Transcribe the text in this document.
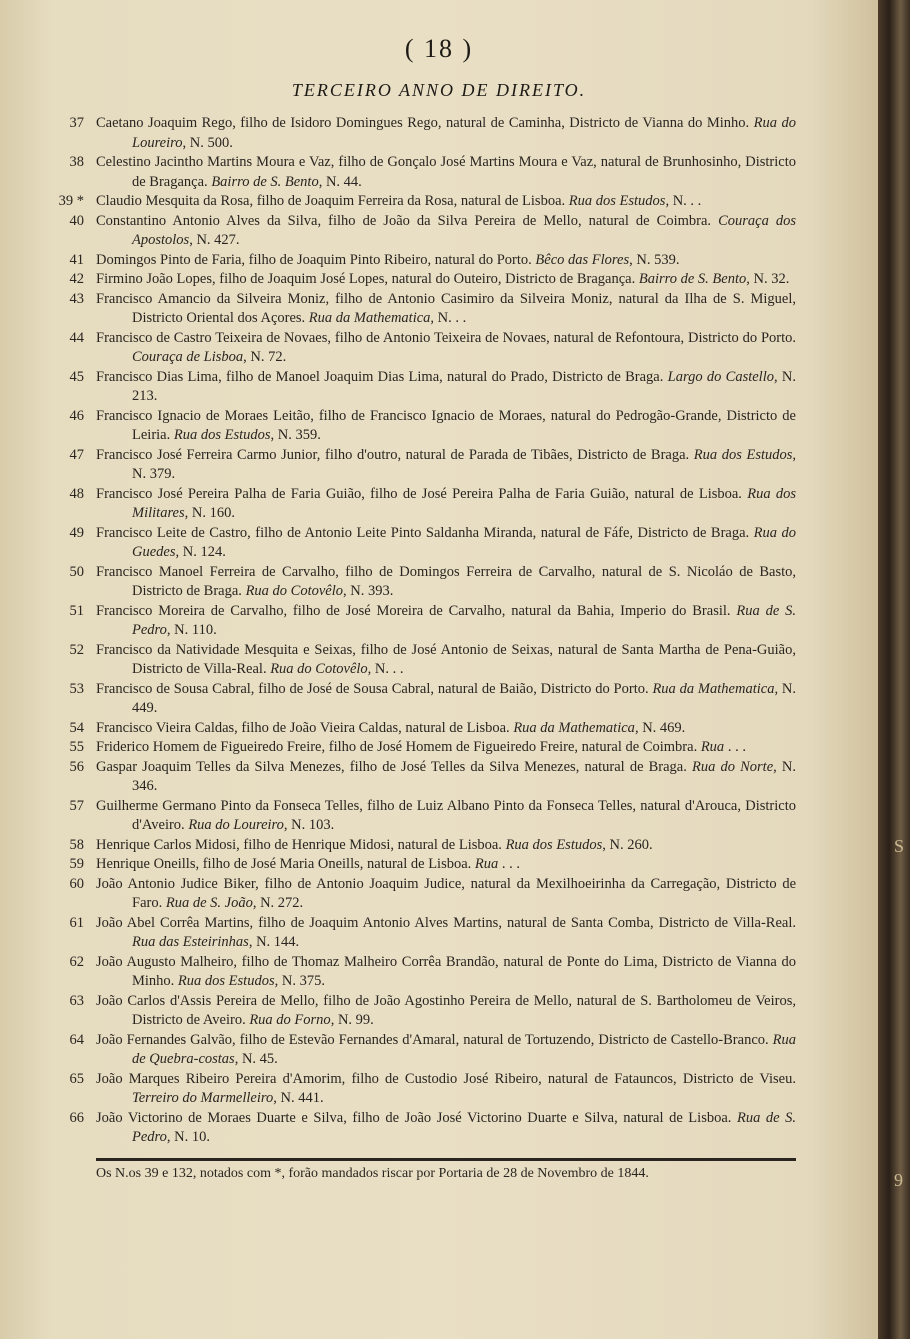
( 18 )
TERCEIRO ANNO DE DIREITO.
37 Caetano Joaquim Rego, filho de Isidoro Domingues Rego, natural de Caminha, Districto de Vianna do Minho. Rua do Loureiro, N. 500.
38 Celestino Jacintho Martins Moura e Vaz, filho de Gonçalo José Martins Moura e Vaz, natural de Brunhosinho, Districto de Bragança. Bairro de S. Bento, N. 44.
39 * Claudio Mesquita da Rosa, filho de Joaquim Ferreira da Rosa, natural de Lisboa. Rua dos Estudos, N. . .
40 Constantino Antonio Alves da Silva, filho de João da Silva Pereira de Mello, natural de Coimbra. Couraça dos Apostolos, N. 427.
41 Domingos Pinto de Faria, filho de Joaquim Pinto Ribeiro, natural do Porto. Bêco das Flores, N. 539.
42 Firmino João Lopes, filho de Joaquim José Lopes, natural do Outeiro, Districto de Bragança. Bairro de S. Bento, N. 32.
43 Francisco Amancio da Silveira Moniz, filho de Antonio Casimiro da Silveira Moniz, natural da Ilha de S. Miguel, Districto Oriental dos Açores. Rua da Mathematica, N. . .
44 Francisco de Castro Teixeira de Novaes, filho de Antonio Teixeira de Novaes, natural de Refontoura, Districto do Porto. Couraça de Lisboa, N. 72.
45 Francisco Dias Lima, filho de Manoel Joaquim Dias Lima, natural do Prado, Districto de Braga. Largo do Castello, N. 213.
46 Francisco Ignacio de Moraes Leitão, filho de Francisco Ignacio de Moraes, natural do Pedrogão-Grande, Districto de Leiria. Rua dos Estudos, N. 359.
47 Francisco José Ferreira Carmo Junior, filho d'outro, natural de Parada de Tibães, Districto de Braga. Rua dos Estudos, N. 379.
48 Francisco José Pereira Palha de Faria Guião, filho de José Pereira Palha de Faria Guião, natural de Lisboa. Rua dos Militares, N. 160.
49 Francisco Leite de Castro, filho de Antonio Leite Pinto Saldanha Miranda, natural de Fáfe, Districto de Braga. Rua do Guedes, N. 124.
50 Francisco Manoel Ferreira de Carvalho, filho de Domingos Ferreira de Carvalho, natural de S. Nicoláo de Basto, Districto de Braga. Rua do Cotovêlo, N. 393.
51 Francisco Moreira de Carvalho, filho de José Moreira de Carvalho, natural da Bahia, Imperio do Brasil. Rua de S. Pedro, N. 110.
52 Francisco da Natividade Mesquita e Seixas, filho de José Antonio de Seixas, natural de Santa Martha de Pena-Guião, Districto de Villa-Real. Rua do Cotovêlo, N. . .
53 Francisco de Sousa Cabral, filho de José de Sousa Cabral, natural de Baião, Districto do Porto. Rua da Mathematica, N. 449.
54 Francisco Vieira Caldas, filho de João Vieira Caldas, natural de Lisboa. Rua da Mathematica, N. 469.
55 Friderico Homem de Figueiredo Freire, filho de José Homem de Figueiredo Freire, natural de Coimbra. Rua . . .
56 Gaspar Joaquim Telles da Silva Menezes, filho de José Telles da Silva Menezes, natural de Braga. Rua do Norte, N. 346.
57 Guilherme Germano Pinto da Fonseca Telles, filho de Luiz Albano Pinto da Fonseca Telles, natural d'Arouca, Districto d'Aveiro. Rua do Loureiro, N. 103.
58 Henrique Carlos Midosi, filho de Henrique Midosi, natural de Lisboa. Rua dos Estudos, N. 260.
59 Henrique Oneills, filho de José Maria Oneills, natural de Lisboa. Rua . . .
60 João Antonio Judice Biker, filho de Antonio Joaquim Judice, natural da Mexilhoeirinha da Carregação, Districto de Faro. Rua de S. João, N. 272.
61 João Abel Corrêa Martins, filho de Joaquim Antonio Alves Martins, natural de Santa Comba, Districto de Villa-Real. Rua das Esteirinhas, N. 144.
62 João Augusto Malheiro, filho de Thomaz Malheiro Corrêa Brandão, natural de Ponte do Lima, Districto de Vianna do Minho. Rua dos Estudos, N. 375.
63 João Carlos d'Assis Pereira de Mello, filho de João Agostinho Pereira de Mello, natural de S. Bartholomeu de Veiros, Districto de Aveiro. Rua do Forno, N. 99.
64 João Fernandes Galvão, filho de Estevão Fernandes d'Amaral, natural de Tortuzendo, Districto de Castello-Branco. Rua de Quebra-costas, N. 45.
65 João Marques Ribeiro Pereira d'Amorim, filho de Custodio José Ribeiro, natural de Fatauncos, Districto de Viseu. Terreiro do Marmelleiro, N. 441.
66 João Victorino de Moraes Duarte e Silva, filho de João José Victorino Duarte e Silva, natural de Lisboa. Rua de S. Pedro, N. 10.
Os N.os 39 e 132, notados com *, forão mandados riscar por Portaria de 28 de Novembro de 1844.
S
9
